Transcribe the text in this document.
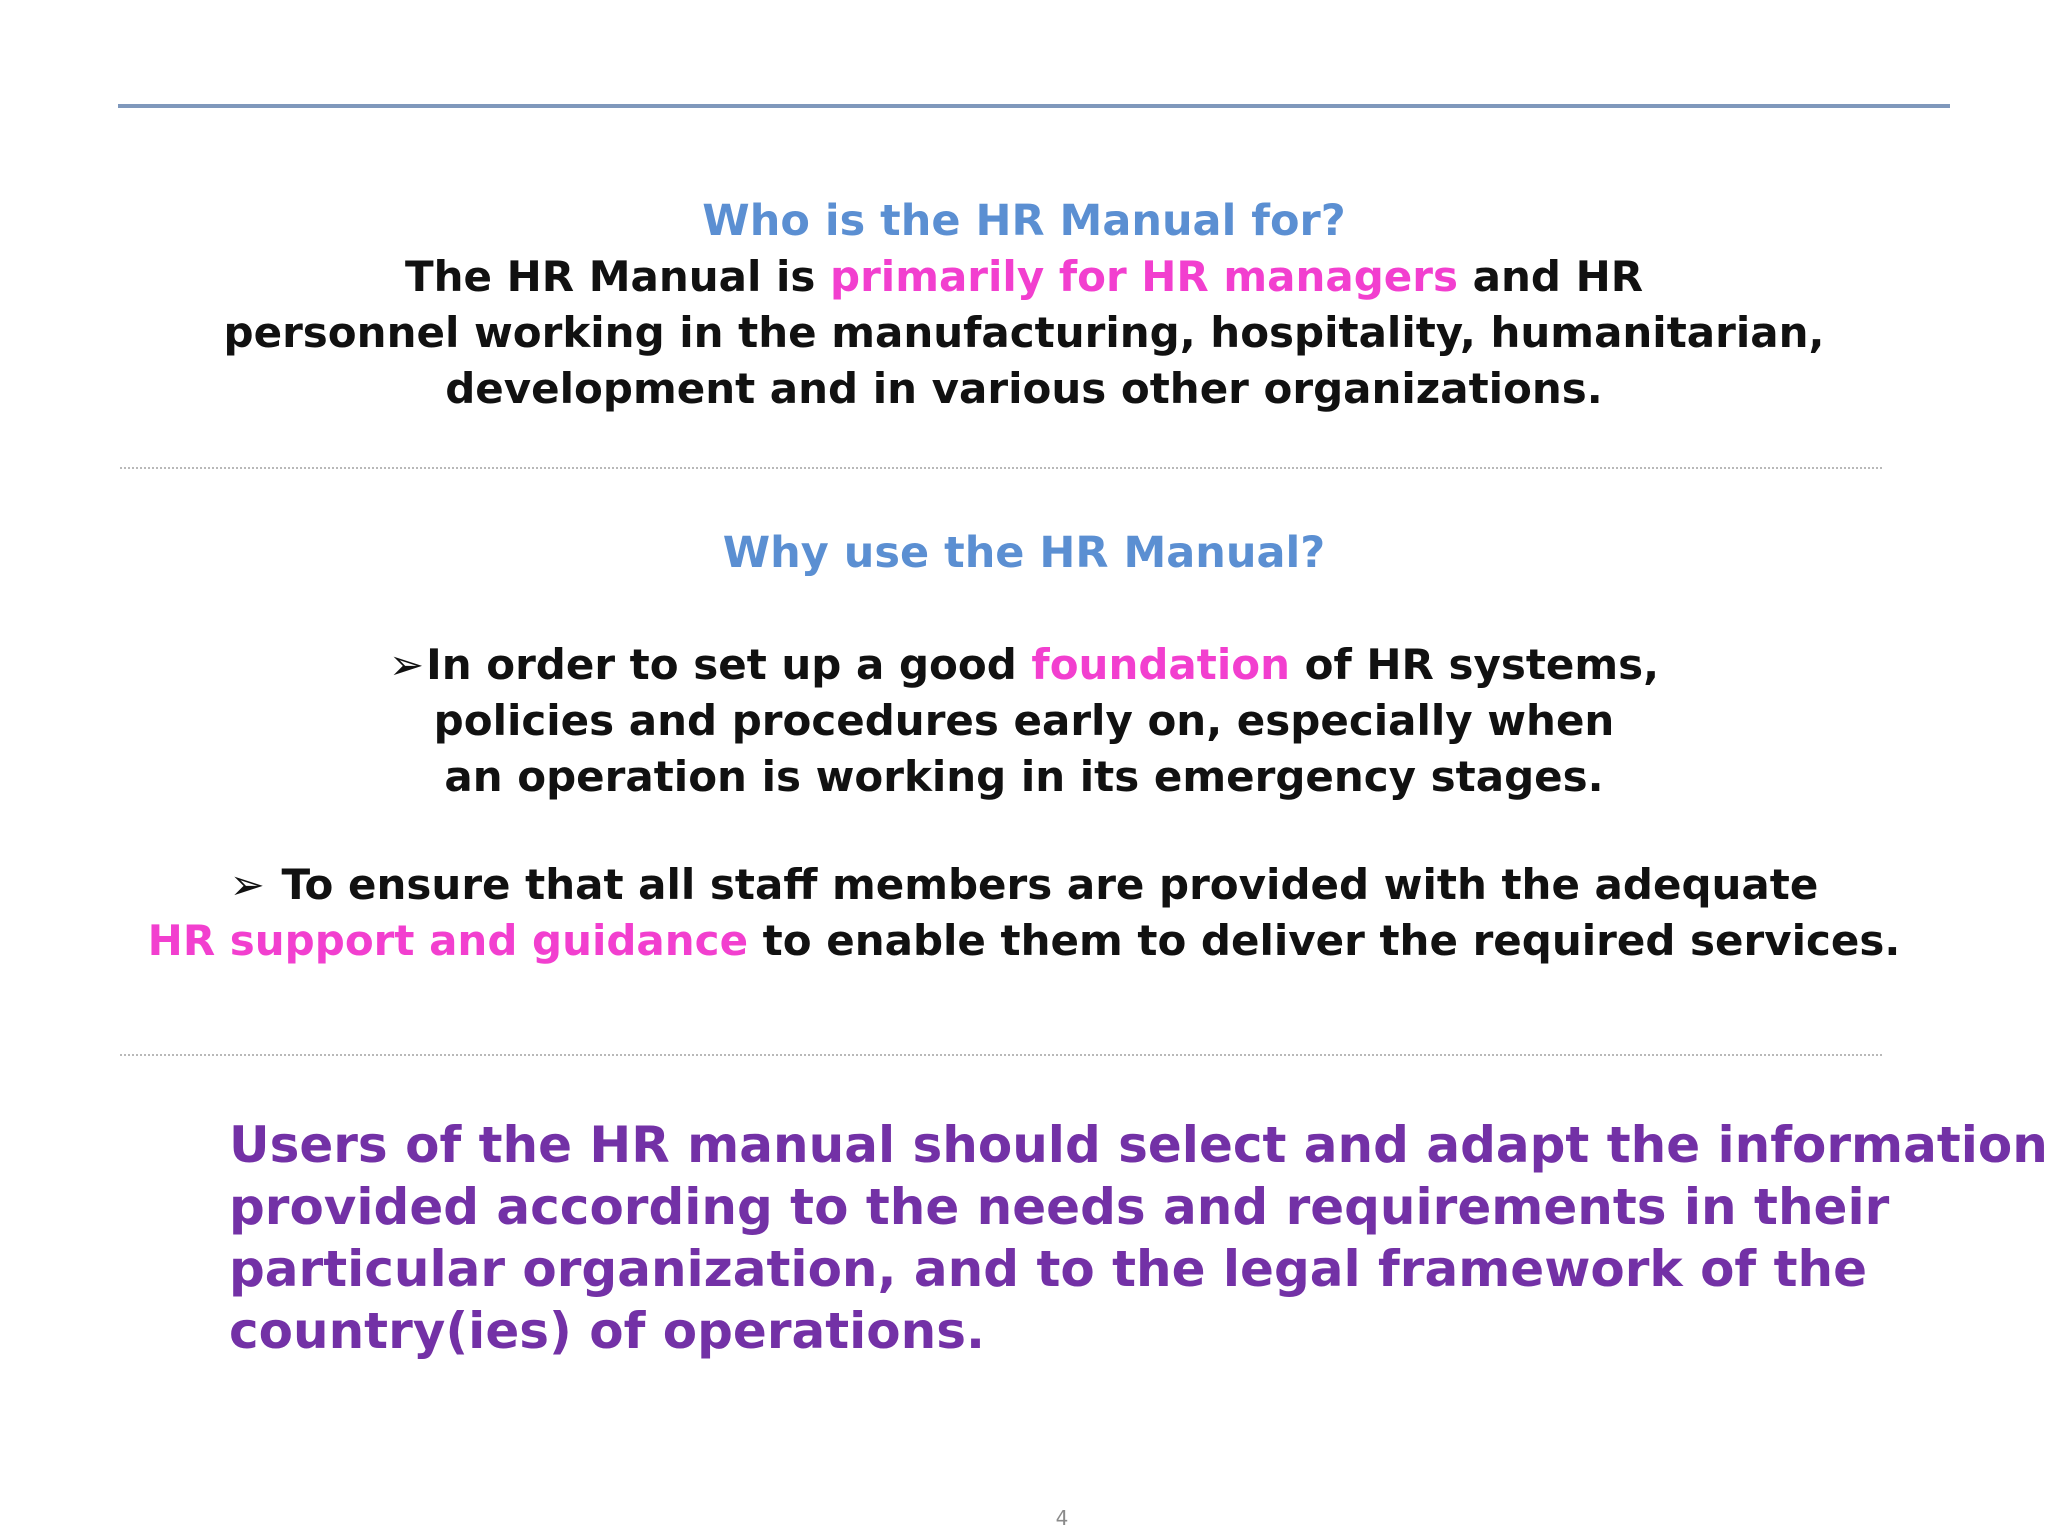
Who is the HR Manual for?
The HR Manual is primarily for HR managers and HR
personnel working in the manufacturing, hospitality, humanitarian,
development and in various other organizations.
Why use the HR Manual?
➢In order to set up a good foundation of HR systems,
policies and procedures early on, especially when
an operation is working in its emergency stages.
➢ To ensure that all staff members are provided with the adequate
HR support and guidance to enable them to deliver the required services.
Users of the HR manual should select and adapt the information
provided according to the needs and requirements in their
particular organization, and to the legal framework of the
country(ies) of operations.
4
